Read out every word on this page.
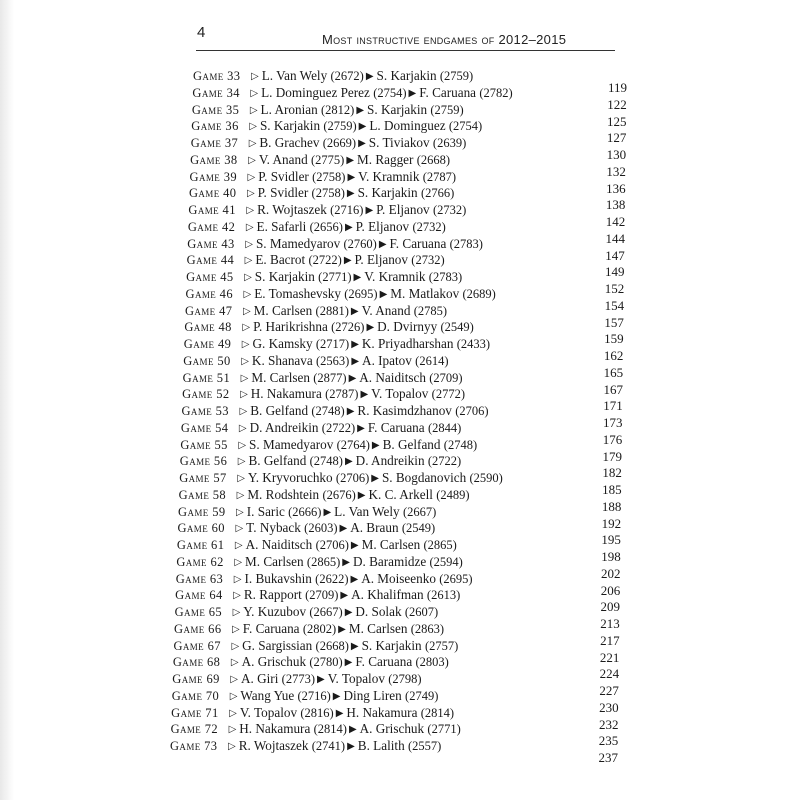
4	Most instructive endgames of 2012–2015
Game 33 ▷ L. Van Wely (2672) ▶ S. Karjakin (2759)
119
Game 34 ▷ L. Dominguez Perez (2754) ▶ F. Caruana (2782)
122
Game 35 ▷ L. Aronian (2812) ▶ S. Karjakin (2759)
125
Game 36 ▷ S. Karjakin (2759) ▶ L. Dominguez (2754)
127
Game 37 ▷ B. Grachev (2669) ▶ S. Tiviakov (2639)
130
Game 38 ▷ V. Anand (2775) ▶ M. Ragger (2668)
132
Game 39 ▷ P. Svidler (2758) ▶ V. Kramnik (2787)
136
Game 40 ▷ P. Svidler (2758) ▶ S. Karjakin (2766)
138
Game 41 ▷ R. Wojtaszek (2716) ▶ P. Eljanov (2732)
142
Game 42 ▷ E. Safarli (2656) ▶ P. Eljanov (2732)
144
Game 43 ▷ S. Mamedyarov (2760) ▶ F. Caruana (2783)
147
Game 44 ▷ E. Bacrot (2722) ▶ P. Eljanov (2732)
149
Game 45 ▷ S. Karjakin (2771) ▶ V. Kramnik (2783)
152
Game 46 ▷ E. Tomashevsky (2695) ▶ M. Matlakov (2689)
154
Game 47 ▷ M. Carlsen (2881) ▶ V. Anand (2785)
157
Game 48 ▷ P. Harikrishna (2726) ▶ D. Dvirnyy (2549)
159
Game 49 ▷ G. Kamsky (2717) ▶ K. Priyadharshan (2433)
162
Game 50 ▷ K. Shanava (2563) ▶ A. Ipatov (2614)
165
Game 51 ▷ M. Carlsen (2877) ▶ A. Naiditsch (2709)
167
Game 52 ▷ H. Nakamura (2787) ▶ V. Topalov (2772)
171
Game 53 ▷ B. Gelfand (2748) ▶ R. Kasimdzhanov (2706)
173
Game 54 ▷ D. Andreikin (2722) ▶ F. Caruana (2844)
176
Game 55 ▷ S. Mamedyarov (2764) ▶ B. Gelfand (2748)
179
Game 56 ▷ B. Gelfand (2748) ▶ D. Andreikin (2722)
182
Game 57 ▷ Y. Kryvoruchko (2706) ▶ S. Bogdanovich (2590)
185
Game 58 ▷ M. Rodshtein (2676) ▶ K. C. Arkell (2489)
188
Game 59 ▷ I. Saric (2666) ▶ L. Van Wely (2667)
192
Game 60 ▷ T. Nyback (2603) ▶ A. Braun (2549)
195
Game 61 ▷ A. Naiditsch (2706) ▶ M. Carlsen (2865)
198
Game 62 ▷ M. Carlsen (2865) ▶ D. Baramidze (2594)
202
Game 63 ▷ I. Bukavshin (2622) ▶ A. Moiseenko (2695)
206
Game 64 ▷ R. Rapport (2709) ▶ A. Khalifman (2613)
209
Game 65 ▷ Y. Kuzubov (2667) ▶ D. Solak (2607)
213
Game 66 ▷ F. Caruana (2802) ▶ M. Carlsen (2863)
217
Game 67 ▷ G. Sargissian (2668) ▶ S. Karjakin (2757)
221
Game 68 ▷ A. Grischuk (2780) ▶ F. Caruana (2803)
224
Game 69 ▷ A. Giri (2773) ▶ V. Topalov (2798)
227
Game 70 ▷ Wang Yue (2716) ▶ Ding Liren (2749)
230
Game 71 ▷ V. Topalov (2816) ▶ H. Nakamura (2814)
232
Game 72 ▷ H. Nakamura (2814) ▶ A. Grischuk (2771)
235
Game 73 ▷ R. Wojtaszek (2741) ▶ B. Lalith (2557)
237
